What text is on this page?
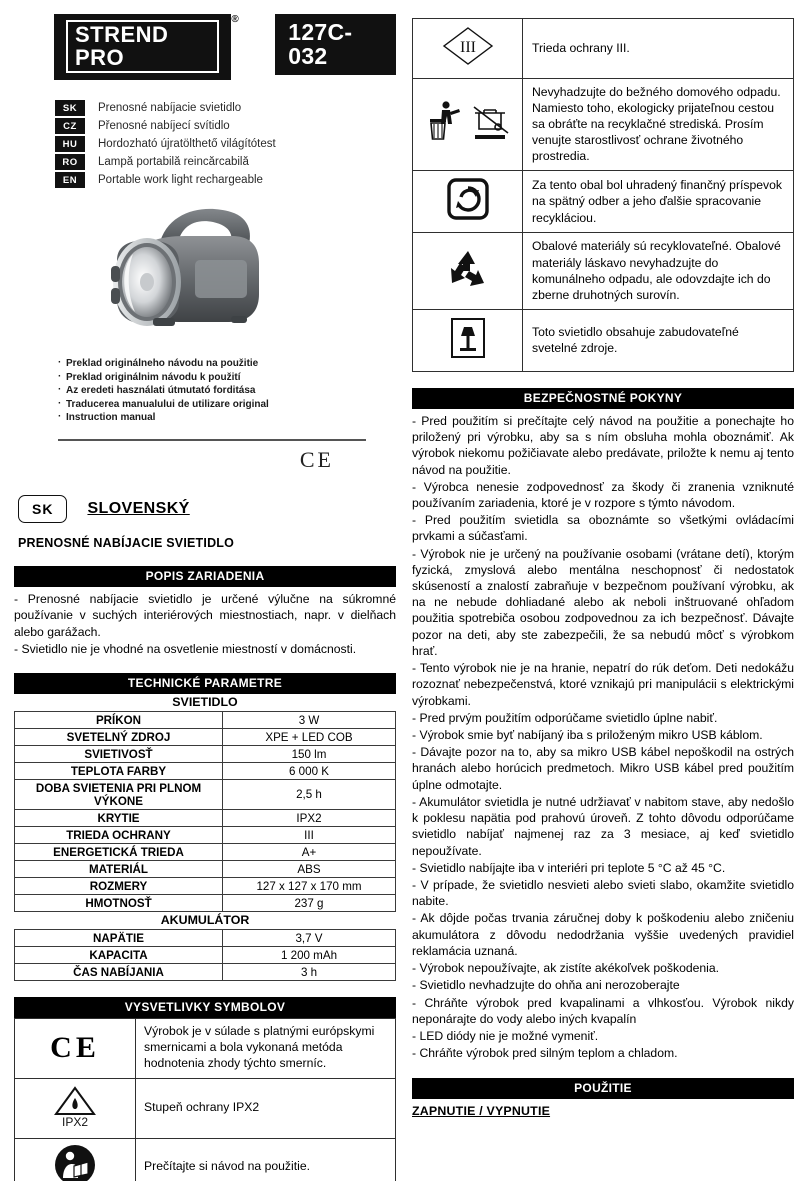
STREND PRO
®	127C-032
SK	Prenosné nabíjacie svietidlo
CZ	Přenosné nabíjecí svítidlo
HU	Hordozható újratölthető világítótest
RO	Lampă portabilă reincărcabilă
EN	Portable work light rechargeable
· Preklad originálneho návodu na použitie
· Preklad originálnim návodu k použití
· Az eredeti használati útmutató forditása
· Traducerea manualului de utilizare original
· Instruction manual
CE
SK	SLOVENSKÝ
PRENOSNÉ NABÍJACIE SVIETIDLO
POPIS ZARIADENIA

- Prenosné nabíjacie svietidlo je určené výlučne na súkromné používanie v suchých interiérových miestnostiach, napr. v dielňach alebo garážach.

- Svietidlo nie je vhodné na osvetlenie miestností v domácnosti.

TECHNICKÉ PARAMETRE
SVIETIDLO
PRÍKON	3 W
SVETELNÝ ZDROJ	XPE + LED COB
SVIETIVOSŤ	150 lm
TEPLOTA FARBY	6 000 K
DOBA SVIETENIA PRI PLNOM VÝKONE	2,5 h
KRYTIE	IPX2
TRIEDA OCHRANY	III
ENERGETICKÁ TRIEDA	A+
MATERIÁL	ABS
ROZMERY	127 x 127 x 170 mm
HMOTNOSŤ	237 g
AKUMULÁTOR
NAPÄTIE	3,7 V
KAPACITA	1 200 mAh
ČAS NABÍJANIA	3 h
VYSVETLIVKY SYMBOLOV
CE	Výrobok je v súlade s platnými európskymi smernicami a bola vykonaná metóda hodnotenia zhody týchto smerníc.

IPX2	Stupeň ochrany IPX2
	Prečítajte si návod na použitie.
III	Trieda ochrany III.
	Nevyhadzujte do bežného domového odpadu. Namiesto toho, ekologicky prijateľnou cestou sa obráťte na recyklačné strediská. Prosím venujte starostlivosť ochrane životného prostredia.
	Za tento obal bol uhradený finančný príspevok na spätný odber a jeho ďalšie spracovanie recykláciou.
	Obalové materiály sú recyklovateľné. Obalové materiály láskavo nevyhadzujte do komunálneho odpadu, ale odovzdajte ich do zberne druhotných surovín.
	Toto svietidlo obsahuje zabudovateľné svetelné zdroje.
BEZPEČNOSTNÉ POKYNY

- Pred použitím si prečítajte celý návod na použitie a ponechajte ho priložený pri výrobku, aby sa s ním obsluha mohla oboznámiť. Ak výrobok niekomu požičiavate alebo predávate, priložte k nemu aj tento návod na použitie.

- Výrobca nenesie zodpovednosť za škody či zranenia vzniknuté používaním zariadenia, ktoré je v rozpore s týmto návodom.

- Pred použitím svietidla sa oboznámte so všetkými ovládacími prvkami a súčasťami.

- Výrobok nie je určený na používanie osobami (vrátane detí), ktorým fyzická, zmyslová alebo mentálna neschopnosť či nedostatok skúseností a znalostí zabraňuje v bezpečnom používaní výrobku, ak na ne nebude dohliadané alebo ak neboli inštruované ohľadom použitia spotrebiča osobou zodpovednou za ich bezpečnosť. Dávajte pozor na deti, aby ste zabezpečili, že sa nebudú môcť s výrobkom hrať.

- Tento výrobok nie je na hranie, nepatrí do rúk deťom. Deti nedokážu rozoznať nebezpečenstvá, ktoré vznikajú pri manipulácii s elektrickými výrobkami.

- Pred prvým použitím odporúčame svietidlo úplne nabiť.

- Výrobok smie byť nabíjaný iba s priloženým mikro USB káblom.

- Dávajte pozor na to, aby sa mikro USB kábel nepoškodil na ostrých hranách alebo horúcich predmetoch. Mikro USB kábel pred použitím úplne odmotajte.

- Akumulátor svietidla je nutné udržiavať v nabitom stave, aby nedošlo k poklesu napätia pod prahovú úroveň. Z tohto dôvodu odporúčame svietidlo nabíjať najmenej raz za 3 mesiace, aj keď svietidlo nepoužívate.

- Svietidlo nabíjajte iba v interiéri pri teplote 5 °C až 45 °C.

- V prípade, že svietidlo nesvieti alebo svieti slabo, okamžite svietidlo nabite.

- Ak dôjde počas trvania záručnej doby k poškodeniu alebo zničeniu akumulátora z dôvodu nedodržania vyššie uvedených pravidiel reklamácia uznaná.

- Výrobok nepoužívajte, ak zistíte akékoľvek poškodenia.

- Svietidlo nevhadzujte do ohňa ani nerozoberajte

- Chráňte výrobok pred kvapalinami a vlhkosťou. Výrobok nikdy neponárajte do vody alebo iných kvapalín

- LED diódy nie je možné vymeniť.

- Chráňte výrobok pred silným teplom a chladom.

POUŽITIE
ZAPNUTIE / VYPNUTIE
